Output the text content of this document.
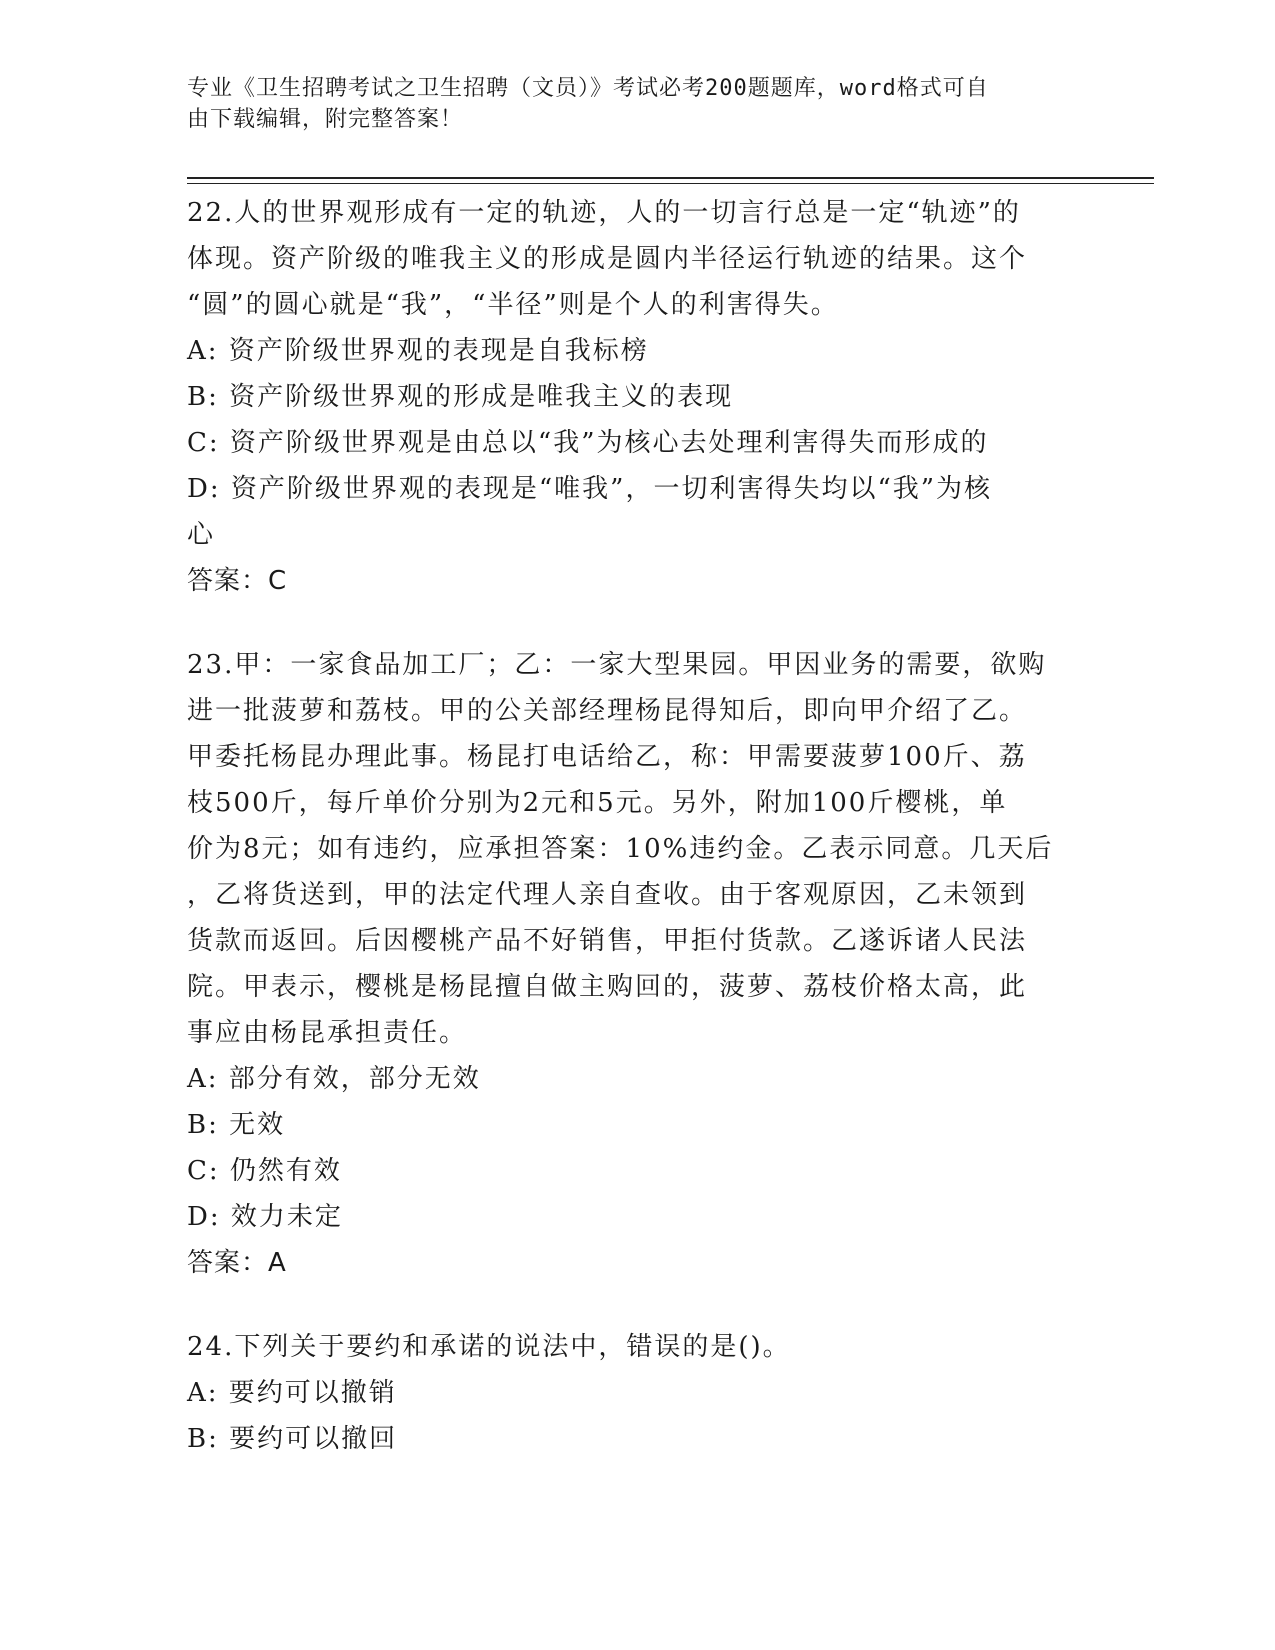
专业《卫生招聘考试之卫生招聘（文员）》考试必考200题题库，word格式可自
由下载编辑，附完整答案！
22.人的世界观形成有一定的轨迹，人的一切言行总是一定“轨迹”的
体现。资产阶级的唯我主义的形成是圆内半径运行轨迹的结果。这个
“圆”的圆心就是“我”，“半径”则是个人的利害得失。
A: 资产阶级世界观的表现是自我标榜
B: 资产阶级世界观的形成是唯我主义的表现
C: 资产阶级世界观是由总以“我”为核心去处理利害得失而形成的
D: 资产阶级世界观的表现是“唯我”，一切利害得失均以“我”为核
心
答案：C
23.甲：一家食品加工厂；乙：一家大型果园。甲因业务的需要，欲购
进一批菠萝和荔枝。甲的公关部经理杨昆得知后，即向甲介绍了乙。
甲委托杨昆办理此事。杨昆打电话给乙，称：甲需要菠萝100斤、荔
枝500斤，每斤单价分别为2元和5元。另外，附加100斤樱桃，单
价为8元；如有违约，应承担答案：10%违约金。乙表示同意。几天后
，乙将货送到，甲的法定代理人亲自查收。由于客观原因，乙未领到
货款而返回。后因樱桃产品不好销售，甲拒付货款。乙遂诉诸人民法
院。甲表示，樱桃是杨昆擅自做主购回的，菠萝、荔枝价格太高，此
事应由杨昆承担责任。
A: 部分有效，部分无效
B: 无效
C: 仍然有效
D: 效力未定
答案：A
24.下列关于要约和承诺的说法中，错误的是()。
A: 要约可以撤销
B: 要约可以撤回
